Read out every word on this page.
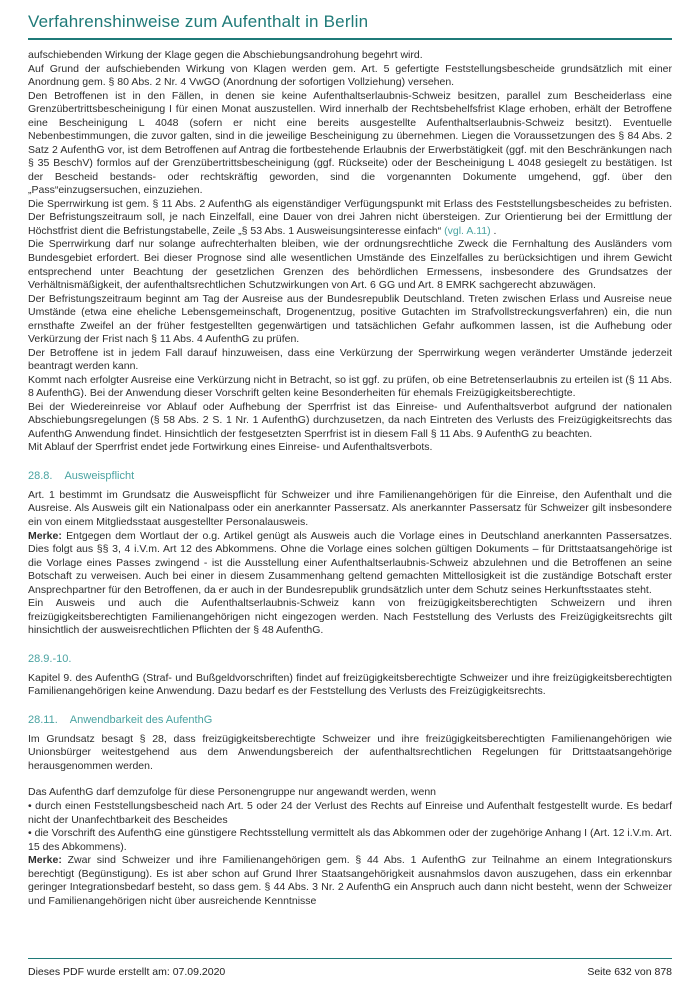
Verfahrenshinweise zum Aufenthalt in Berlin

aufschiebenden Wirkung der Klage gegen die Abschiebungsandrohung begehrt wird.

Auf Grund der aufschiebenden Wirkung von Klagen werden gem. Art. 5 gefertigte Feststellungsbescheide grundsätzlich mit einer Anordnung gem. § 80 Abs. 2 Nr. 4 VwGO (Anordnung der sofortigen Vollziehung) versehen.

Den Betroffenen ist in den Fällen, in denen sie keine Aufenthaltserlaubnis-Schweiz besitzen, parallel zum Bescheiderlass eine Grenzübertrittsbescheinigung I für einen Monat auszustellen. Wird innerhalb der Rechtsbehelfsfrist Klage erhoben, erhält der Betroffene eine Bescheinigung L 4048 (sofern er nicht eine bereits ausgestellte Aufenthaltserlaubnis-Schweiz besitzt). Eventuelle Nebenbestimmungen, die zuvor galten, sind in die jeweilige Bescheinigung zu übernehmen. Liegen die Voraussetzungen des § 84 Abs. 2 Satz 2 AufenthG vor, ist dem Betroffenen auf Antrag die fortbestehende Erlaubnis der Erwerbstätigkeit (ggf. mit den Beschränkungen nach § 35 BeschV) formlos auf der Grenzübertrittsbescheinigung (ggf. Rückseite) oder der Bescheinigung L 4048 gesiegelt zu bestätigen. Ist der Bescheid bestands- oder rechtskräftig geworden, sind die vorgenannten Dokumente umgehend, ggf. über den „Pass“einzugsersuchen, einzuziehen.

Die Sperrwirkung ist gem. § 11 Abs. 2 AufenthG als eigenständiger Verfügungspunkt mit Erlass des Feststellungsbescheides zu befristen. Der Befristungszeitraum soll, je nach Einzelfall, eine Dauer von drei Jahren nicht übersteigen. Zur Orientierung bei der Ermittlung der Höchstfrist dient die Befristungstabelle, Zeile „§ 53 Abs. 1 Ausweisungsinteresse einfach“ (vgl. A.11) .

Die Sperrwirkung darf nur solange aufrechterhalten bleiben, wie der ordnungsrechtliche Zweck die Fernhaltung des Ausländers vom Bundesgebiet erfordert. Bei dieser Prognose sind alle wesentlichen Umstände des Einzelfalles zu berücksichtigen und ihrem Gewicht entsprechend unter Beachtung der gesetzlichen Grenzen des behördlichen Ermessens, insbesondere des Grundsatzes der Verhältnismäßigkeit, der aufenthaltsrechtlichen Schutzwirkungen von Art. 6 GG und Art. 8 EMRK sachgerecht abzuwägen.

Der Befristungszeitraum beginnt am Tag der Ausreise aus der Bundesrepublik Deutschland. Treten zwischen Erlass und Ausreise neue Umstände (etwa eine eheliche Lebensgemeinschaft, Drogenentzug, positive Gutachten im Strafvollstreckungsverfahren) ein, die nun ernsthafte Zweifel an der früher festgestellten gegenwärtigen und tatsächlichen Gefahr aufkommen lassen, ist die Aufhebung oder Verkürzung der Frist nach § 11 Abs. 4 AufenthG zu prüfen.

Der Betroffene ist in jedem Fall darauf hinzuweisen, dass eine Verkürzung der Sperrwirkung wegen veränderter Umstände jederzeit beantragt werden kann.

Kommt nach erfolgter Ausreise eine Verkürzung nicht in Betracht, so ist ggf. zu prüfen, ob eine Betretenserlaubnis zu erteilen ist (§ 11 Abs. 8 AufenthG). Bei der Anwendung dieser Vorschrift gelten keine Besonderheiten für ehemals Freizügigkeitsberechtigte.

Bei der Wiedereinreise vor Ablauf oder Aufhebung der Sperrfrist ist das Einreise- und Aufenthaltsverbot aufgrund der nationalen Abschiebungsregelungen (§ 58 Abs. 2 S. 1 Nr. 1 AufenthG) durchzusetzen, da nach Eintreten des Verlusts des Freizügigkeitsrechts das AufenthG Anwendung findet. Hinsichtlich der festgesetzten Sperrfrist ist in diesem Fall § 11 Abs. 9 AufenthG zu beachten.

Mit Ablauf der Sperrfrist endet jede Fortwirkung eines Einreise- und Aufenthaltsverbots.

28.8. Ausweispflicht

Art. 1 bestimmt im Grundsatz die Ausweispflicht für Schweizer und ihre Familienangehörigen für die Einreise, den Aufenthalt und die Ausreise. Als Ausweis gilt ein Nationalpass oder ein anerkannter Passersatz. Als anerkannter Passersatz für Schweizer gilt insbesondere ein von einem Mitgliedsstaat ausgestellter Personalausweis.

Merke: Entgegen dem Wortlaut der o.g. Artikel genügt als Ausweis auch die Vorlage eines in Deutschland anerkannten Passersatzes. Dies folgt aus §§ 3, 4 i.V.m. Art 12 des Abkommens. Ohne die Vorlage eines solchen gültigen Dokuments – für Drittstaatsangehörige ist die Vorlage eines Passes zwingend - ist die Ausstellung einer Aufenthaltserlaubnis-Schweiz abzulehnen und die Betroffenen an seine Botschaft zu verweisen. Auch bei einer in diesem Zusammenhang geltend gemachten Mittellosigkeit ist die zuständige Botschaft erster Ansprechpartner für den Betroffenen, da er auch in der Bundesrepublik grundsätzlich unter dem Schutz seines Herkunftsstaates steht.

Ein Ausweis und auch die Aufenthaltserlaubnis-Schweiz kann von freizügigkeitsberechtigten Schweizern und ihren freizügigkeitsberechtigten Familienangehörigen nicht eingezogen werden. Nach Feststellung des Verlusts des Freizügigkeitsrechts gilt hinsichtlich der ausweisrechtlichen Pflichten der § 48 AufenthG.

28.9.-10.

Kapitel 9. des AufenthG (Straf- und Bußgeldvorschriften) findet auf freizügigkeitsberechtigte Schweizer und ihre freizügigkeitsberechtigten Familienangehörigen keine Anwendung. Dazu bedarf es der Feststellung des Verlusts des Freizügigkeitsrechts.

28.11. Anwendbarkeit des AufenthG

Im Grundsatz besagt § 28, dass freizügigkeitsberechtigte Schweizer und ihre freizügigkeitsberechtigten Familienangehörigen wie Unionsbürger weitestgehend aus dem Anwendungsbereich der aufenthaltsrechtlichen Regelungen für Drittstaatsangehörige herausgenommen werden.

Das AufenthG darf demzufolge für diese Personengruppe nur angewandt werden, wenn

• durch einen Feststellungsbescheid nach Art. 5 oder 24 der Verlust des Rechts auf Einreise und Aufenthalt festgestellt wurde. Es bedarf nicht der Unanfechtbarkeit des Bescheides

• die Vorschrift des AufenthG eine günstigere Rechtsstellung vermittelt als das Abkommen oder der zugehörige Anhang I (Art. 12 i.V.m. Art. 15 des Abkommens).

Merke: Zwar sind Schweizer und ihre Familienangehörigen gem. § 44 Abs. 1 AufenthG zur Teilnahme an einem Integrationskurs berechtigt (Begünstigung). Es ist aber schon auf Grund Ihrer Staatsangehörigkeit ausnahmslos davon auszugehen, dass ein erkennbar geringer Integrationsbedarf besteht, so dass gem. § 44 Abs. 3 Nr. 2 AufenthG ein Anspruch auch dann nicht besteht, wenn der Schweizer und Familienangehörigen nicht über ausreichende Kenntnisse

Dieses PDF wurde erstellt am: 07.09.2020	Seite 632 von 878
